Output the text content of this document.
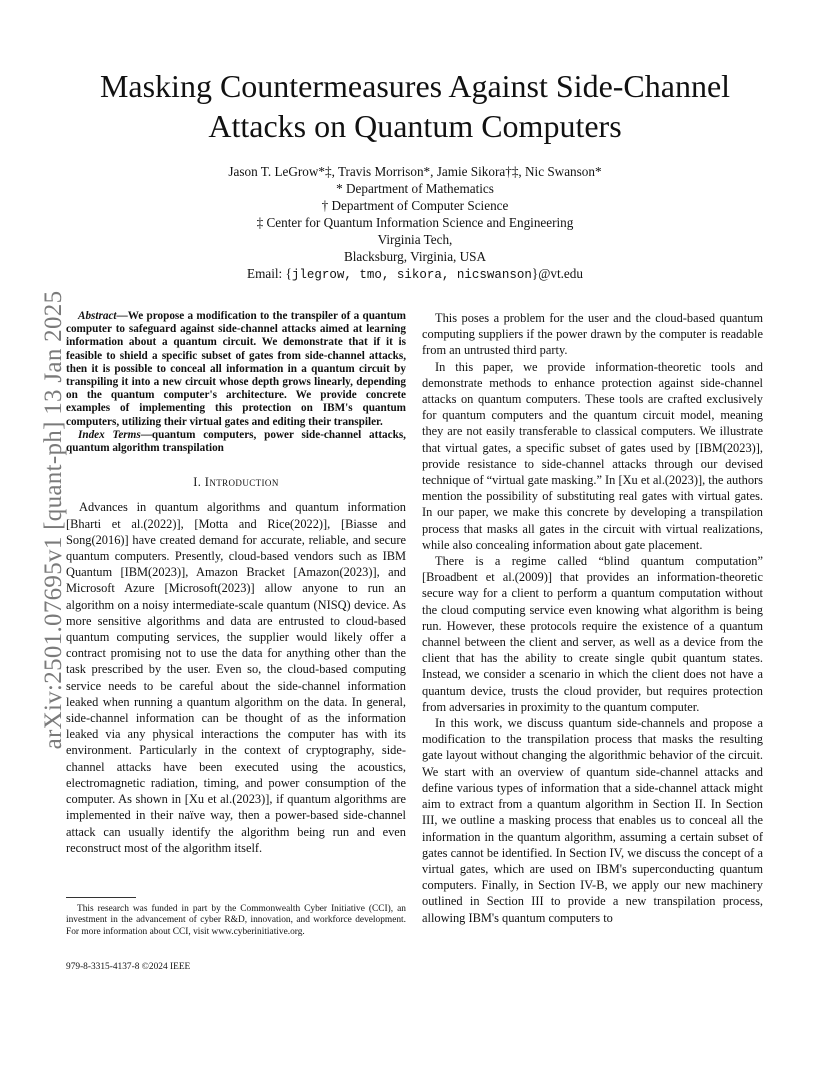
arXiv:2501.07695v1 [quant-ph] 13 Jan 2025
Masking Countermeasures Against Side-Channel
Attacks on Quantum Computers
Jason T. LeGrow*‡, Travis Morrison*, Jamie Sikora†‡, Nic Swanson*
* Department of Mathematics
† Department of Computer Science
‡ Center for Quantum Information Science and Engineering
Virginia Tech,
Blacksburg, Virginia, USA
Email: {jlegrow, tmo, sikora, nicswanson}@vt.edu
Abstract—We propose a modification to the transpiler of a quantum computer to safeguard against side-channel attacks aimed at learning information about a quantum circuit. We demonstrate that if it is feasible to shield a specific subset of gates from side-channel attacks, then it is possible to conceal all information in a quantum circuit by transpiling it into a new circuit whose depth grows linearly, depending on the quantum computer's architecture. We provide concrete examples of implementing this protection on IBM's quantum computers, utilizing their virtual gates and editing their transpiler.
Index Terms—quantum computers, power side-channel attacks, quantum algorithm transpilation
I. Introduction

Advances in quantum algorithms and quantum information [Bharti et al.(2022)], [Motta and Rice(2022)], [Biasse and Song(2016)] have created demand for accurate, reliable, and secure quantum computers. Presently, cloud-based vendors such as IBM Quantum [IBM(2023)], Amazon Bracket [Amazon(2023)], and Microsoft Azure [Microsoft(2023)] allow anyone to run an algorithm on a noisy intermediate-scale quantum (NISQ) device. As more sensitive algorithms and data are entrusted to cloud-based quantum computing services, the supplier would likely offer a contract promising not to use the data for anything other than the task prescribed by the user. Even so, the cloud-based computing service needs to be careful about the side-channel information leaked when running a quantum algorithm on the data. In general, side-channel information can be thought of as the information leaked via any physical interactions the computer has with its environment. Particularly in the context of cryptography, side-channel attacks have been executed using the acoustics, electromagnetic radiation, timing, and power consumption of the computer. As shown in [Xu et al.(2023)], if quantum algorithms are implemented in their naïve way, then a power-based side-channel attack can usually identify the algorithm being run and even reconstruct most of the algorithm itself.

This research was funded in part by the Commonwealth Cyber Initiative (CCI), an investment in the advancement of cyber R&D, innovation, and workforce development. For more information about CCI, visit www.cyberinitiative.org.
979-8-3315-4137-8 ©2024 IEEE

This poses a problem for the user and the cloud-based quantum computing suppliers if the power drawn by the computer is readable from an untrusted third party.

In this paper, we provide information-theoretic tools and demonstrate methods to enhance protection against side-channel attacks on quantum computers. These tools are crafted exclusively for quantum computers and the quantum circuit model, meaning they are not easily transferable to classical computers. We illustrate that virtual gates, a specific subset of gates used by [IBM(2023)], provide resistance to side-channel attacks through our devised technique of “virtual gate masking.” In [Xu et al.(2023)], the authors mention the possibility of substituting real gates with virtual gates. In our paper, we make this concrete by developing a transpilation process that masks all gates in the circuit with virtual realizations, while also concealing information about gate placement.

There is a regime called “blind quantum computation” [Broadbent et al.(2009)] that provides an information-theoretic secure way for a client to perform a quantum computation without the cloud computing service even knowing what algorithm is being run. However, these protocols require the existence of a quantum channel between the client and server, as well as a device from the client that has the ability to create single qubit quantum states. Instead, we consider a scenario in which the client does not have a quantum device, trusts the cloud provider, but requires protection from adversaries in proximity to the quantum computer.

In this work, we discuss quantum side-channels and propose a modification to the transpilation process that masks the resulting gate layout without changing the algorithmic behavior of the circuit. We start with an overview of quantum side-channel attacks and define various types of information that a side-channel attack might aim to extract from a quantum algorithm in Section II. In Section III, we outline a masking process that enables us to conceal all the information in the quantum algorithm, assuming a certain subset of gates cannot be identified. In Section IV, we discuss the concept of a virtual gates, which are used on IBM's superconducting quantum computers. Finally, in Section IV-B, we apply our new machinery outlined in Section III to provide a new transpilation process, allowing IBM's quantum computers to
